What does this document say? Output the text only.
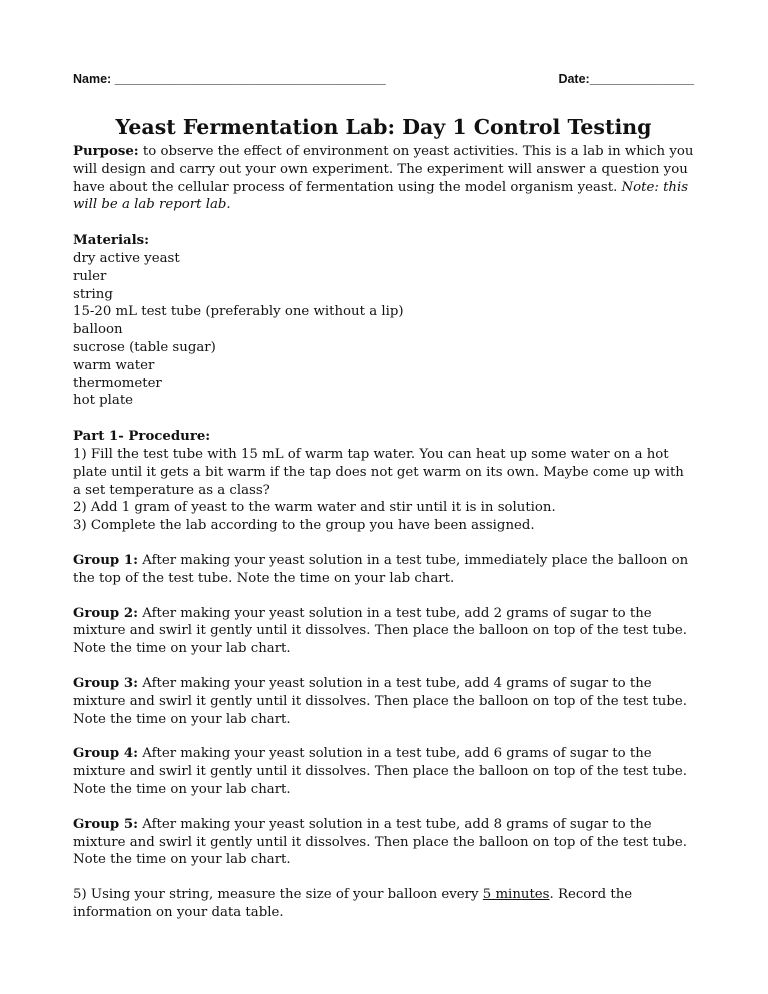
Name: _______________________________________	Date:_______________
Yeast Fermentation Lab: Day 1 Control Testing

Purpose: to observe the effect of environment on yeast activities. This is a lab in which you will design and carry out your own experiment. The experiment will answer a question you have about the cellular process of fermentation using the model organism yeast. Note: this will be a lab report lab.

Materials:

dry active yeast
ruler
string
15-20 mL test tube (preferably one without a lip)
balloon
sucrose (table sugar)
warm water
thermometer
hot plate

Part 1- Procedure:

1) Fill the test tube with 15 mL of warm tap water. You can heat up some water on a hot plate until it gets a bit warm if the tap does not get warm on its own. Maybe come up with a set temperature as a class?

2) Add 1 gram of yeast to the warm water and stir until it is in solution.

3) Complete the lab according to the group you have been assigned.

Group 1: After making your yeast solution in a test tube, immediately place the balloon on the top of the test tube. Note the time on your lab chart.

Group 2: After making your yeast solution in a test tube, add 2 grams of sugar to the mixture and swirl it gently until it dissolves. Then place the balloon on top of the test tube. Note the time on your lab chart.

Group 3: After making your yeast solution in a test tube, add 4 grams of sugar to the mixture and swirl it gently until it dissolves. Then place the balloon on top of the test tube. Note the time on your lab chart.

Group 4: After making your yeast solution in a test tube, add 6 grams of sugar to the mixture and swirl it gently until it dissolves. Then place the balloon on top of the test tube. Note the time on your lab chart.

Group 5: After making your yeast solution in a test tube, add 8 grams of sugar to the mixture and swirl it gently until it dissolves. Then place the balloon on top of the test tube. Note the time on your lab chart.

5) Using your string, measure the size of your balloon every 5 minutes. Record the information on your data table.
